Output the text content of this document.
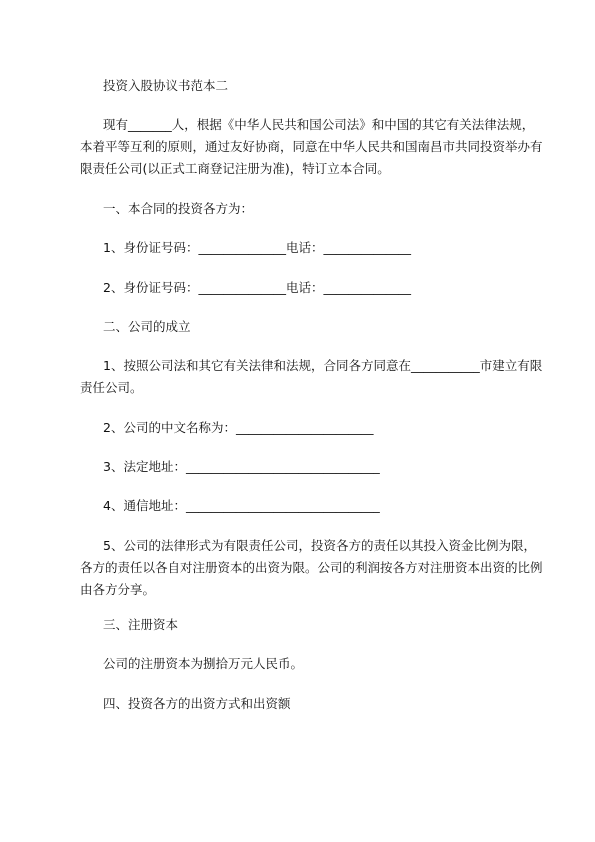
投资入股协议书范本二
现有_______人，根据《中华人民共和国公司法》和中国的其它有关法律法规，
本着平等互利的原则，通过友好协商，同意在中华人民共和国南昌市共同投资举办有
限责任公司(以正式工商登记注册为准)，特订立本合同。
一、本合同的投资各方为：
1、身份证号码：______________电话：______________
2、身份证号码：______________电话：______________
二、公司的成立
1、按照公司法和其它有关法律和法规，合同各方同意在___________市建立有限
责任公司。
2、公司的中文名称为：______________________
3、法定地址：_______________________________
4、通信地址：_______________________________
5、公司的法律形式为有限责任公司，投资各方的责任以其投入资金比例为限，
各方的责任以各自对注册资本的出资为限。公司的利润按各方对注册资本出资的比例
由各方分享。
三、注册资本
公司的注册资本为捌拾万元人民币。
四、投资各方的出资方式和出资额
